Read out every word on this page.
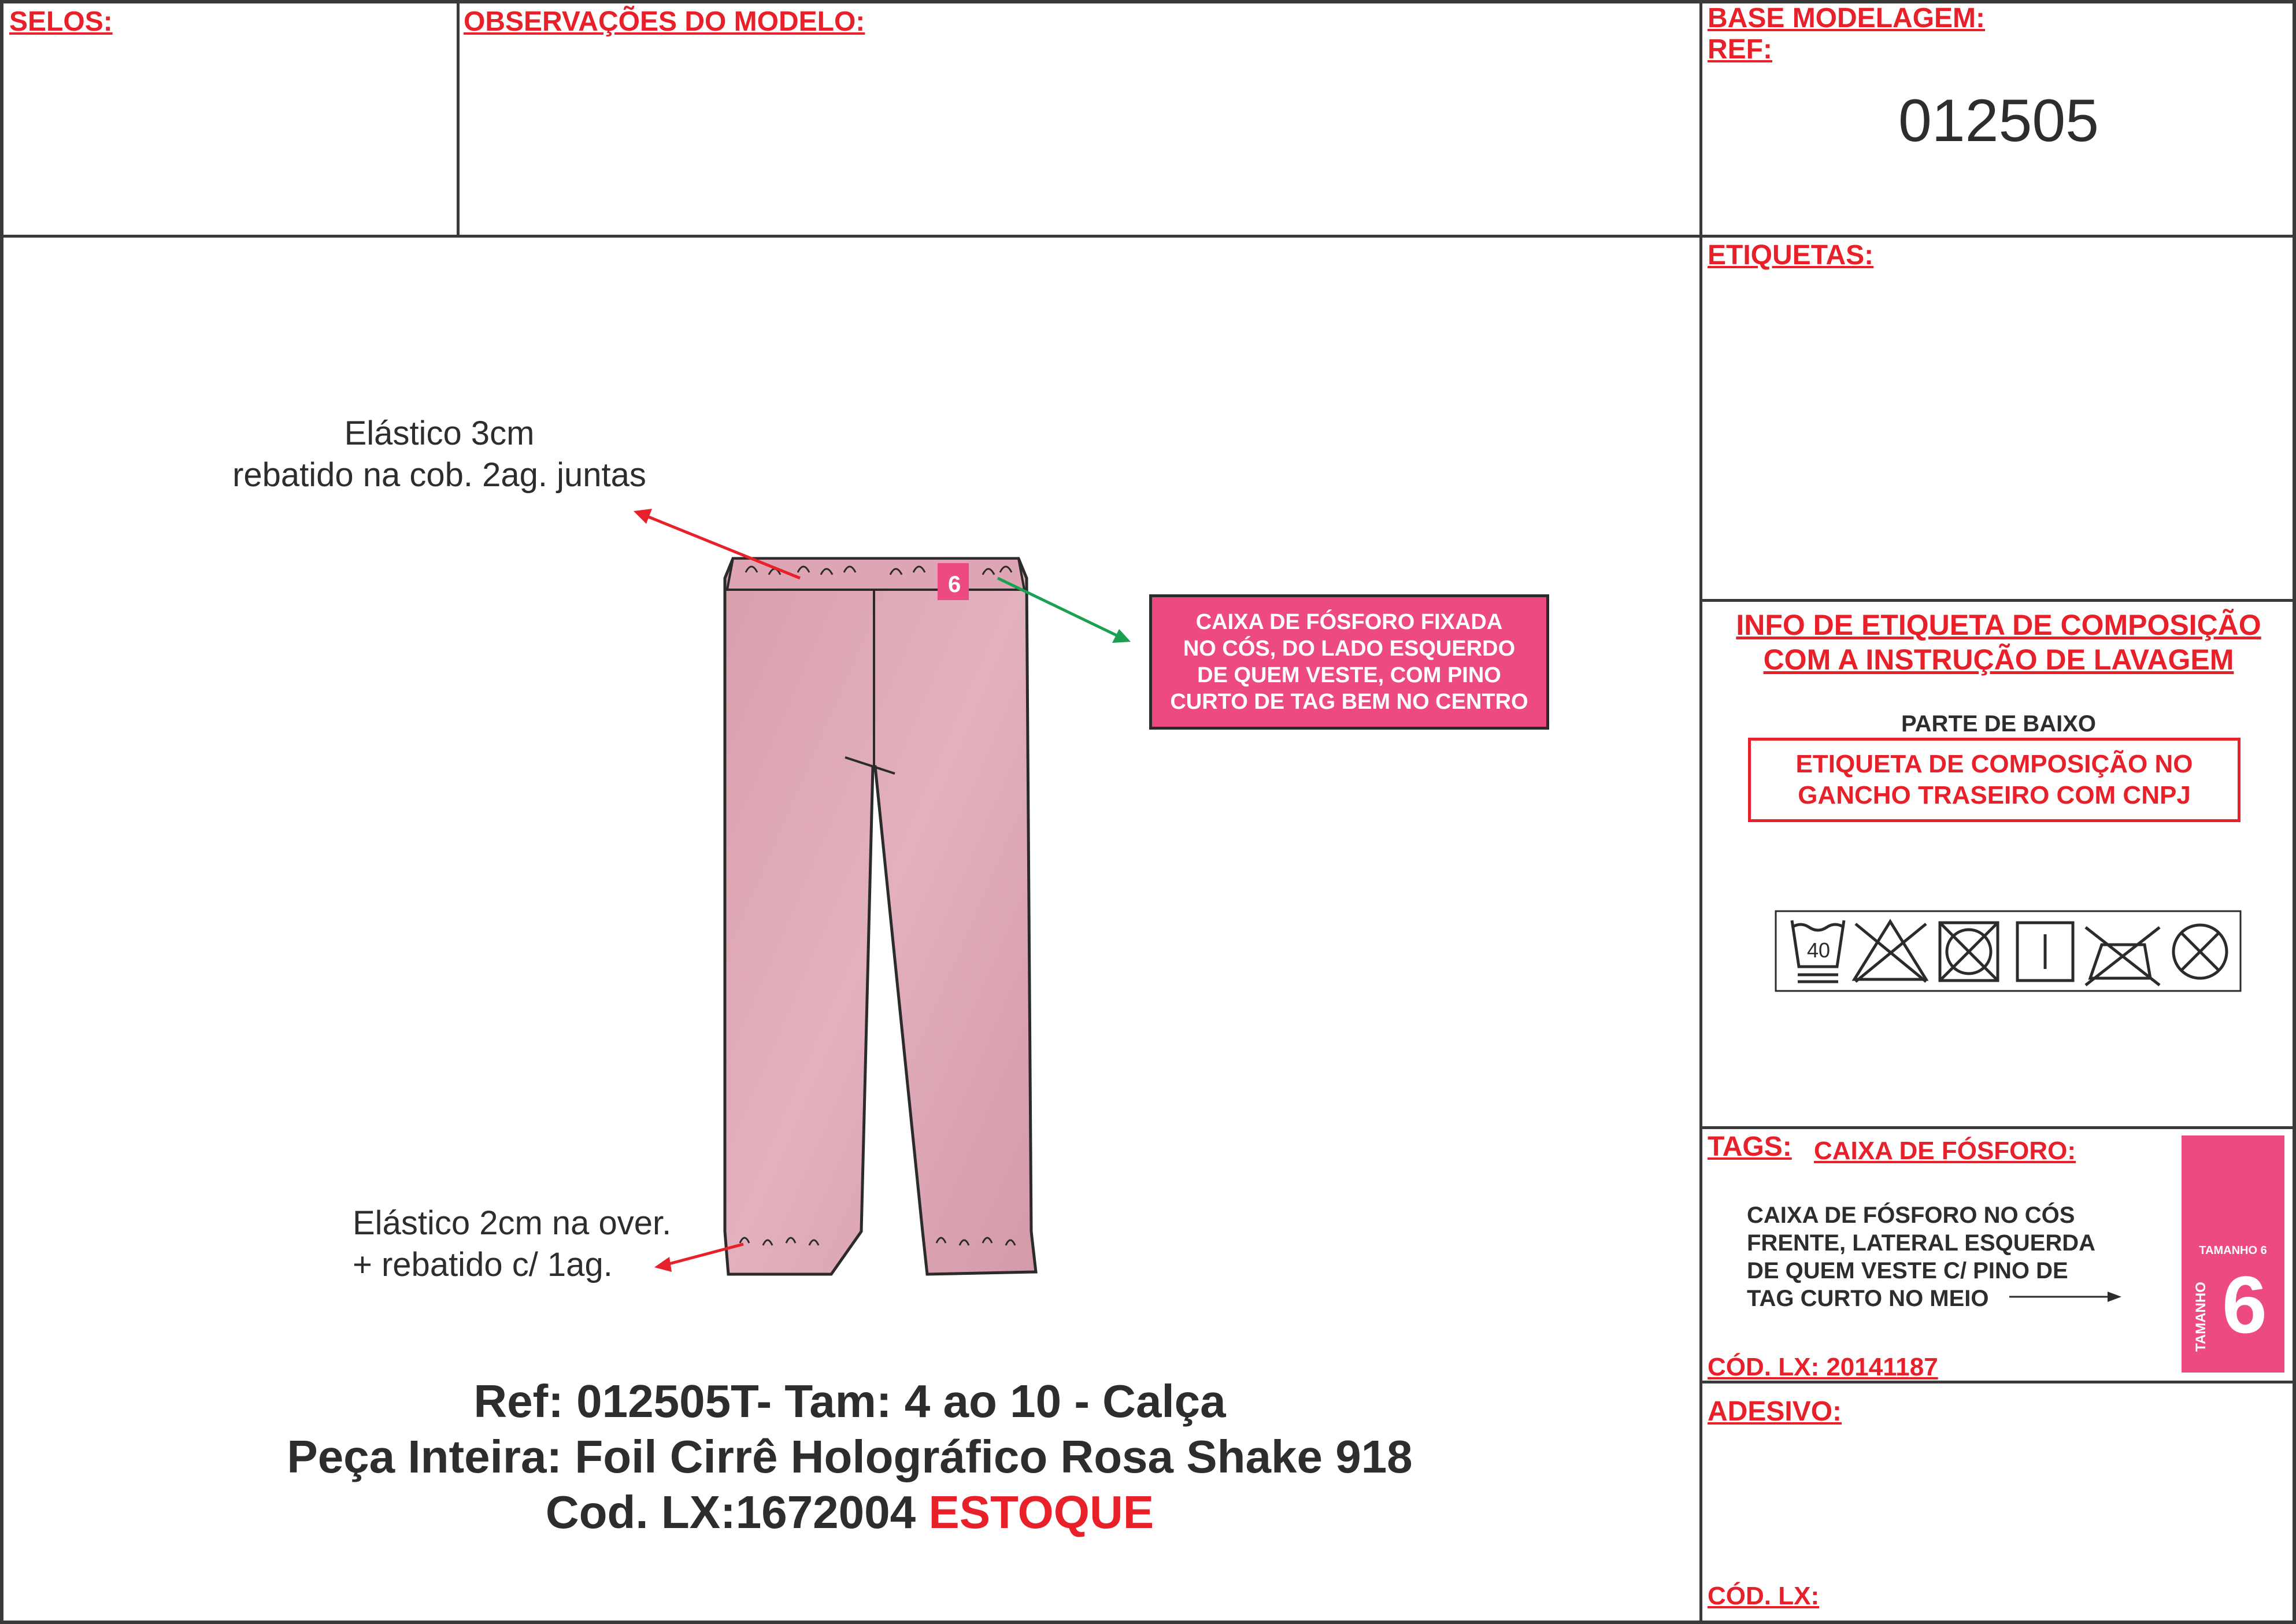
SELOS:	OBSERVAÇÕES DO MODELO:	BASE MODELAGEM:
REF:
012505
ETIQUETAS:
INFO DE ETIQUETA DE COMPOSIÇÃO
COM A INSTRUÇÃO DE LAVAGEM
PARTE DE BAIXO
ETIQUETA DE COMPOSIÇÃO NO
GANCHO TRASEIRO COM CNPJ
40
TAGS: CAIXA DE FÓSFORO:
CAIXA DE FÓSFORO NO CÓS
FRENTE, LATERAL ESQUERDA
DE QUEM VESTE C/ PINO DE
TAG CURTO NO MEIO
CÓD. LX: 20141187
TAMANHO 6
TAMANHO 6
ADESIVO:
CÓD. LX:
Elástico 3cm
rebatido na cob. 2ag. juntas
Elástico 2cm na over.
+ rebatido c/ 1ag.
CAIXA DE FÓSFORO FIXADA
NO CÓS, DO LADO ESQUERDO
DE QUEM VESTE, COM PINO
CURTO DE TAG BEM NO CENTRO
6
Ref: 012505T- Tam: 4 ao 10 - Calça
Peça Inteira: Foil Cirrê Holográfico Rosa Shake 918
Cod. LX:1672004 ESTOQUE
